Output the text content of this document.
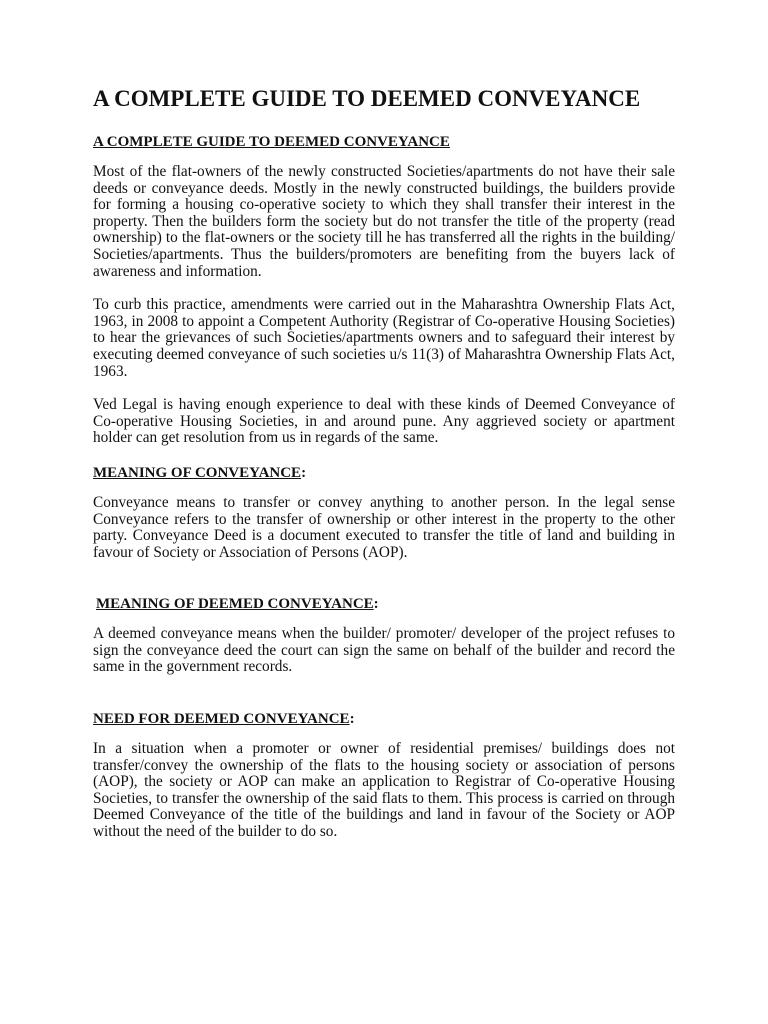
A COMPLETE GUIDE TO DEEMED CONVEYANCE
A COMPLETE GUIDE TO DEEMED CONVEYANCE

Most of the flat-owners of the newly constructed Societies/apartments do not have their sale deeds or conveyance deeds. Mostly in the newly constructed buildings, the builders provide for forming a housing co-operative society to which they shall transfer their interest in the property. Then the builders form the society but do not transfer the title of the property (read ownership) to the flat-owners or the society till he has transferred all the rights in the building/ Societies/apartments. Thus the builders/promoters are benefiting from the buyers lack of awareness and information.

To curb this practice, amendments were carried out in the Maharashtra Ownership Flats Act, 1963, in 2008 to appoint a Competent Authority (Registrar of Co-operative Housing Societies) to hear the grievances of such Societies/apartments owners and to safeguard their interest by executing deemed conveyance of such societies u/s 11(3) of Maharashtra Ownership Flats Act, 1963.

Ved Legal is having enough experience to deal with these kinds of Deemed Conveyance of Co-operative Housing Societies, in and around pune. Any aggrieved society or apartment holder can get resolution from us in regards of the same.

MEANING OF CONVEYANCE:

Conveyance means to transfer or convey anything to another person. In the legal sense Conveyance refers to the transfer of ownership or other interest in the property to the other party. Conveyance Deed is a document executed to transfer the title of land and building in favour of Society or Association of Persons (AOP).

MEANING OF DEEMED CONVEYANCE:

A deemed conveyance means when the builder/ promoter/ developer of the project refuses to sign the conveyance deed the court can sign the same on behalf of the builder and record the same in the government records.

NEED FOR DEEMED CONVEYANCE:

In a situation when a promoter or owner of residential premises/ buildings does not transfer/convey the ownership of the flats to the housing society or association of persons (AOP), the society or AOP can make an application to Registrar of Co-operative Housing Societies, to transfer the ownership of the said flats to them. This process is carried on through Deemed Conveyance of the title of the buildings and land in favour of the Society or AOP without the need of the builder to do so.
